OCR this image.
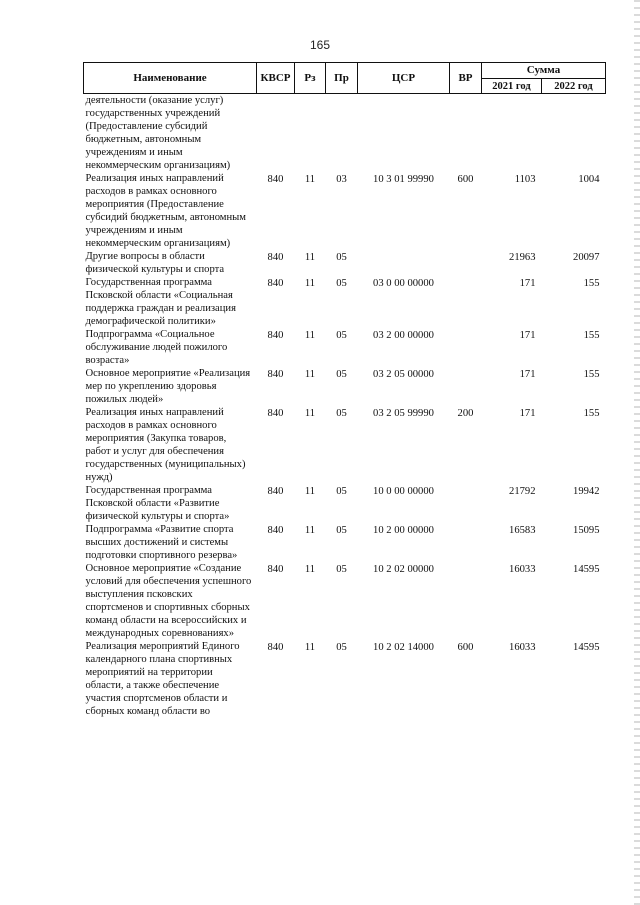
165
Наименование	КВСР	Рз	Пр	ЦСР	ВР	Сумма	
						2021 год	2022 год
деятельности (оказание услуг) государственных учреждений (Предоставление субсидий бюджетным, автономным учреждениям и иным некоммерческим организациям)							
Реализация иных направлений расходов в рамках основного мероприятия (Предоставление субсидий бюджетным, автономным учреждениям и иным некоммерческим организациям)	840	11	03	10 3 01 99990	600	1103	1004
Другие вопросы в области физической культуры и спорта	840	11	05			21963	20097
Государственная программа Псковской области «Социальная поддержка граждан и реализация демографической политики»	840	11	05	03 0 00 00000		171	155
Подпрограмма «Социальное обслуживание людей пожилого возраста»	840	11	05	03 2 00 00000		171	155
Основное мероприятие «Реализация мер по укреплению здоровья пожилых людей»	840	11	05	03 2 05 00000		171	155
Реализация иных направлений расходов в рамках основного мероприятия (Закупка товаров, работ и услуг для обеспечения государственных (муниципальных) нужд)	840	11	05	03 2 05 99990	200	171	155
Государственная программа Псковской области «Развитие физической культуры и спорта»	840	11	05	10 0 00 00000		21792	19942
Подпрограмма «Развитие спорта высших достижений и системы подготовки спортивного резерва»	840	11	05	10 2 00 00000		16583	15095
Основное мероприятие «Создание условий для обеспечения успешного выступления псковских спортсменов и спортивных сборных команд области на всероссийских и международных соревнованиях»	840	11	05	10 2 02 00000		16033	14595
Реализация мероприятий Единого календарного плана спортивных мероприятий на территории области, а также обеспечение участия спортсменов области и сборных команд области во	840	11	05	10 2 02 14000	600	16033	14595
